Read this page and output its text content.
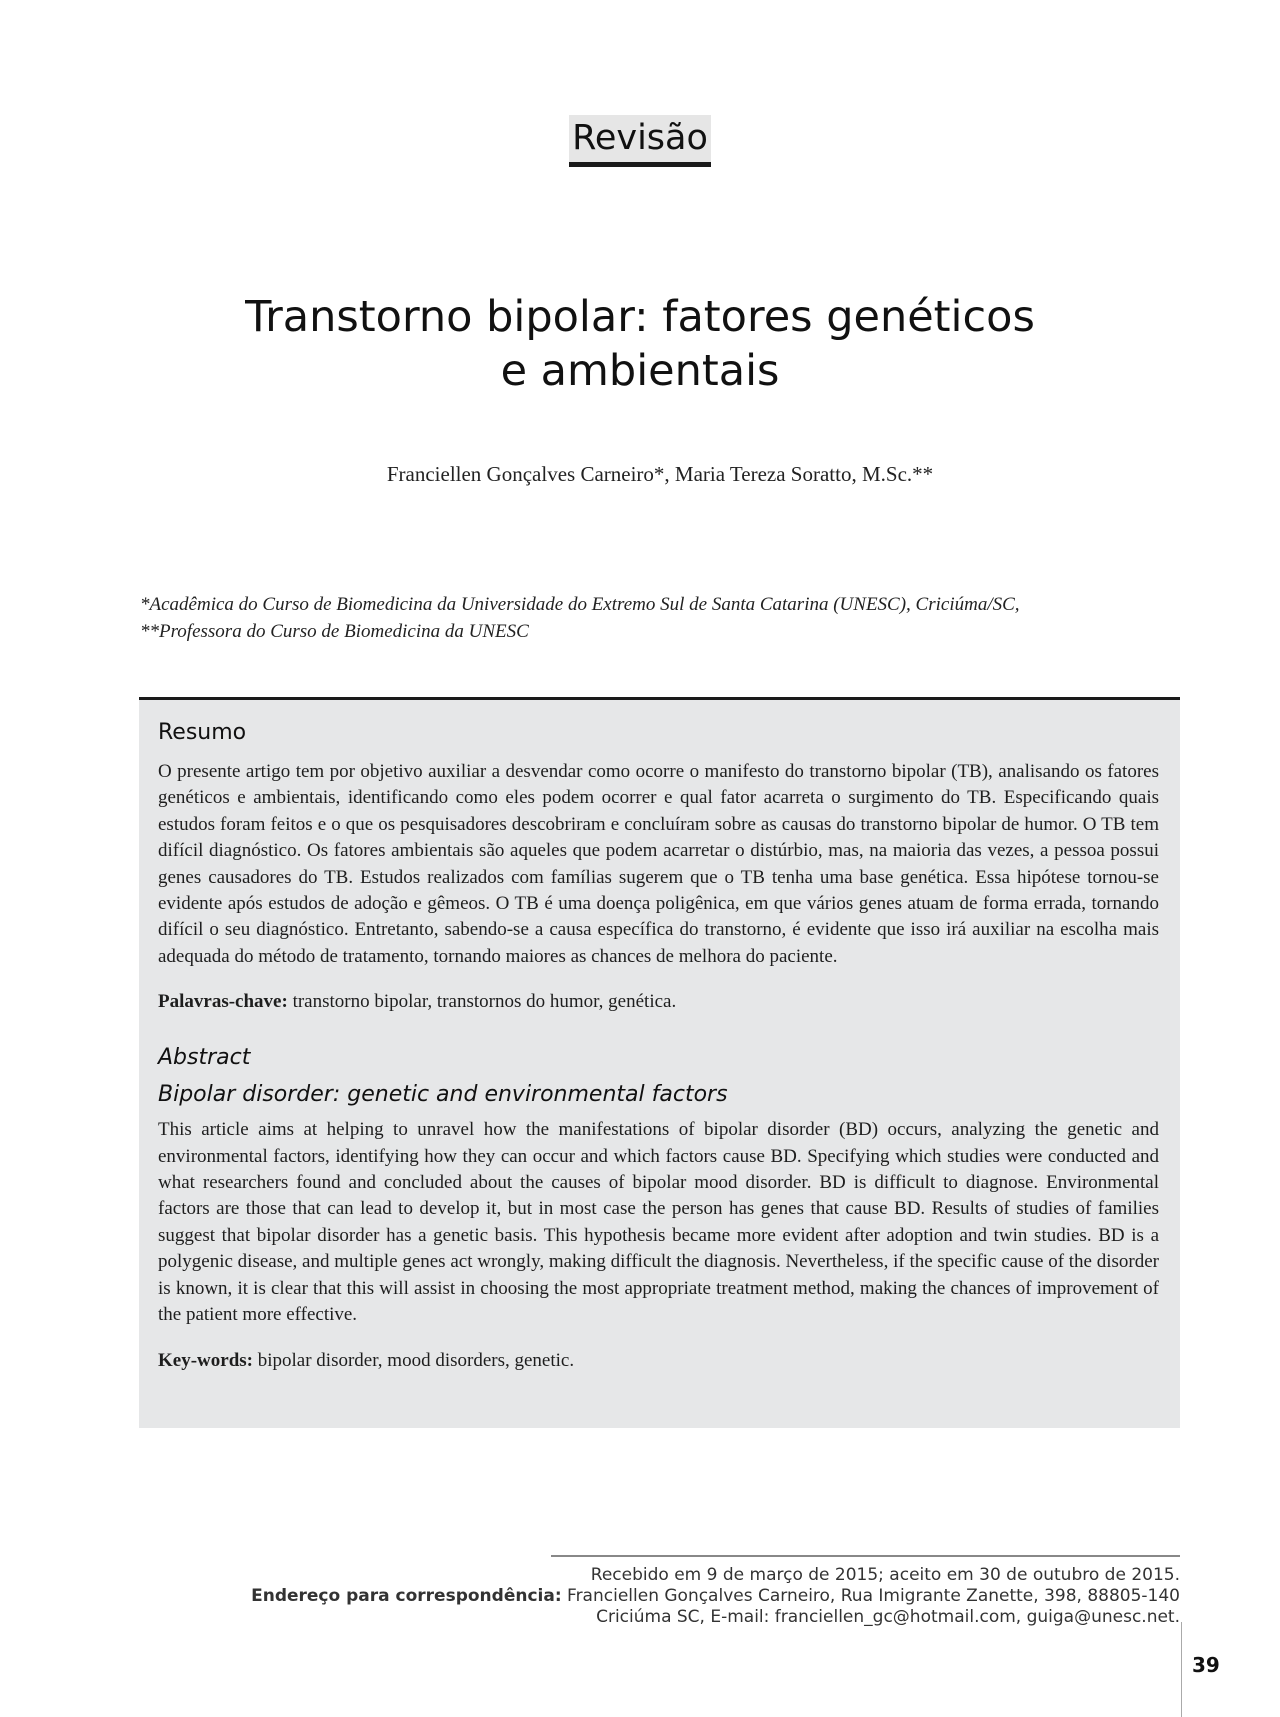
Revisão
Transtorno bipolar: fatores genéticos
e ambientais
Franciellen Gonçalves Carneiro*, Maria Tereza Soratto, M.Sc.**
*Acadêmica do Curso de Biomedicina da Universidade do Extremo Sul de Santa Catarina (UNESC), Criciúma/SC,
**Professora do Curso de Biomedicina da UNESC
Resumo

O presente artigo tem por objetivo auxiliar a desvendar como ocorre o manifesto do transtorno bipolar (TB), analisando os fatores genéticos e ambientais, identificando como eles podem ocorrer e qual fator acarreta o surgimento do TB. Especificando quais estudos foram feitos e o que os pesquisadores descobriram e concluíram sobre as causas do transtorno bipolar de humor. O TB tem difícil diagnóstico. Os fatores ambientais são aqueles que podem acarretar o distúrbio, mas, na maioria das vezes, a pessoa possui genes causadores do TB. Estudos realizados com famílias sugerem que o TB tenha uma base genética. Essa hipótese tornou-se evidente após estudos de adoção e gêmeos. O TB é uma doença poligênica, em que vários genes atuam de forma errada, tornando difícil o seu diagnóstico. Entretanto, sabendo-se a causa específica do transtorno, é evidente que isso irá auxiliar na escolha mais adequada do método de tratamento, tornando maiores as chances de melhora do paciente.

Palavras-chave: transtorno bipolar, transtornos do humor, genética.

Abstract
Bipolar disorder: genetic and environmental factors

This article aims at helping to unravel how the manifestations of bipolar disorder (BD) occurs, analyzing the genetic and environmental factors, identifying how they can occur and which factors cause BD. Specifying which studies were conducted and what researchers found and concluded about the causes of bipolar mood disorder. BD is difficult to diagnose. Environmental factors are those that can lead to develop it, but in most case the person has genes that cause BD. Results of studies of families suggest that bipolar disorder has a genetic basis. This hypothesis became more evident after adoption and twin studies. BD is a polygenic disease, and multiple genes act wrongly, making difficult the diagnosis. Nevertheless, if the specific cause of the disorder is known, it is clear that this will assist in choosing the most appropriate treatment method, making the chances of improvement of the patient more effective.

Key-words: bipolar disorder, mood disorders, genetic.

Recebido em 9 de março de 2015; aceito em 30 de outubro de 2015.
Endereço para correspondência: Franciellen Gonçalves Carneiro, Rua Imigrante Zanette, 398, 88805-140
Criciúma SC, E-mail: franciellen_gc@hotmail.com, guiga@unesc.net.
39
